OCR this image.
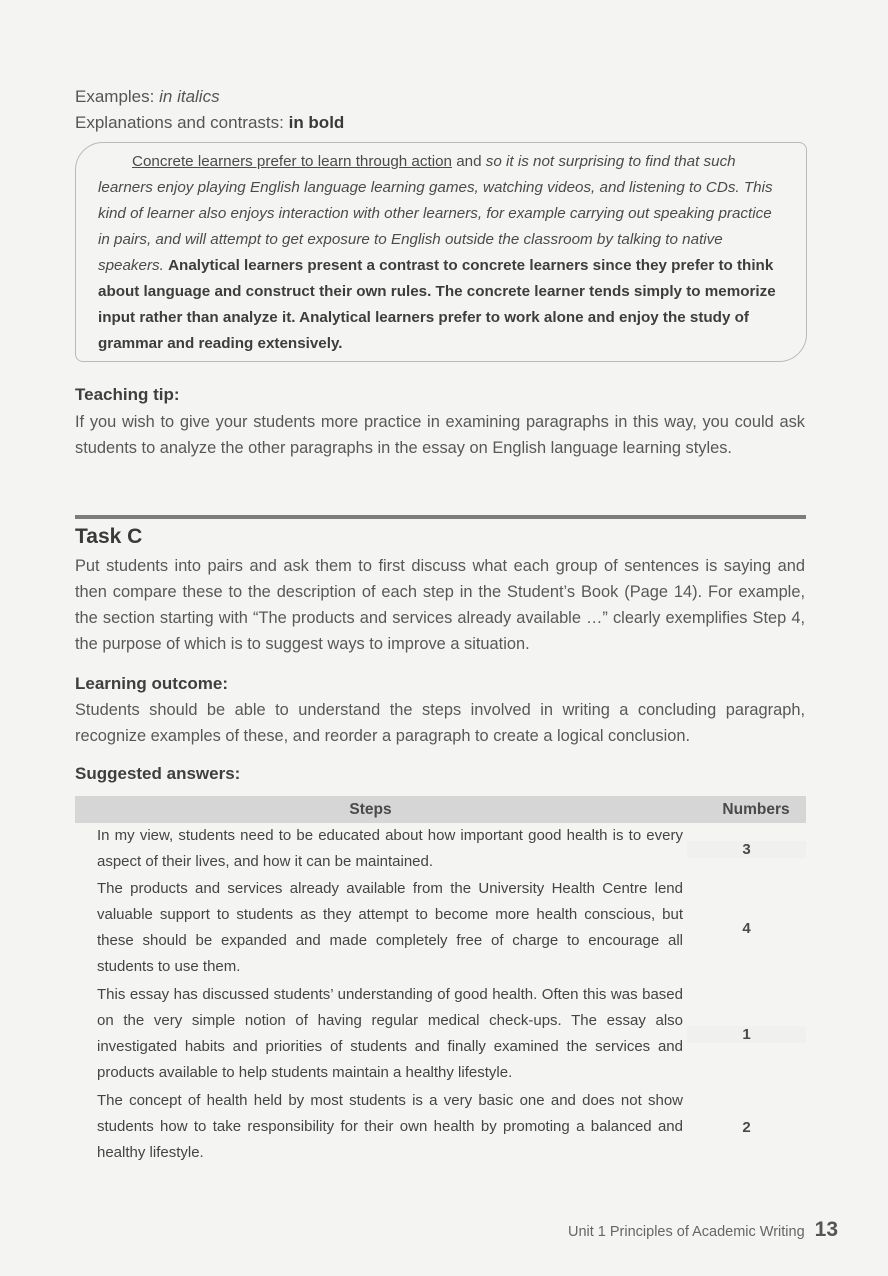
Examples: in italics
Explanations and contrasts: in bold
Concrete learners prefer to learn through action and so it is not surprising to find that such learners enjoy playing English language learning games, watching videos, and listening to CDs. This kind of learner also enjoys interaction with other learners, for example carrying out speaking practice in pairs, and will attempt to get exposure to English outside the classroom by talking to native speakers. Analytical learners present a contrast to concrete learners since they prefer to think about language and construct their own rules. The concrete learner tends simply to memorize input rather than analyze it. Analytical learners prefer to work alone and enjoy the study of grammar and reading extensively.
Teaching tip:
If you wish to give your students more practice in examining paragraphs in this way, you could ask students to analyze the other paragraphs in the essay on English language learning styles.
Task C
Put students into pairs and ask them to first discuss what each group of sentences is saying and then compare these to the description of each step in the Student’s Book (Page 14). For example, the section starting with “The products and services already available …” clearly exemplifies Step 4, the purpose of which is to suggest ways to improve a situation.
Learning outcome:
Students should be able to understand the steps involved in writing a concluding paragraph, recognize examples of these, and reorder a paragraph to create a logical conclusion.
Suggested answers:
Steps	Numbers
In my view, students need to be educated about how important good health is to every aspect of their lives, and how it can be maintained.
3
The products and services already available from the University Health Centre lend valuable support to students as they attempt to become more health conscious, but these should be expanded and made completely free of charge to encourage all students to use them.
4
This essay has discussed students’ understanding of good health. Often this was based on the very simple notion of having regular medical check-ups. The essay also investigated habits and priorities of students and finally examined the services and products available to help students maintain a healthy lifestyle.
1
The concept of health held by most students is a very basic one and does not show students how to take responsibility for their own health by promoting a balanced and healthy lifestyle.
2
Unit 1 Principles of Academic Writing 13
